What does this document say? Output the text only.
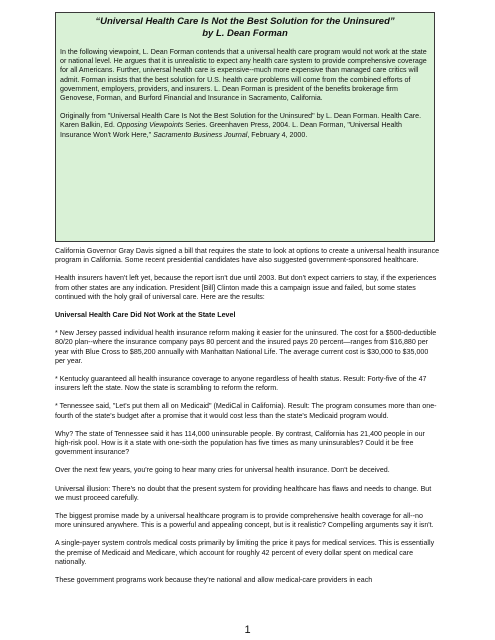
“Universal Health Care Is Not the Best Solution for the Uninsured”
by L. Dean Forman

In the following viewpoint, L. Dean Forman contends that a universal health care program would not work at the state or national level. He argues that it is unrealistic to expect any health care system to provide comprehensive coverage for all Americans. Further, universal health care is expensive--much more expensive than managed care critics will admit. Forman insists that the best solution for U.S. health care problems will come from the combined efforts of government, employers, providers, and insurers. L. Dean Forman is president of the benefits brokerage firm Genovese, Forman, and Burford Financial and Insurance in Sacramento, California.

Originally from "Universal Health Care Is Not the Best Solution for the Uninsured" by L. Dean Forman. Health Care. Karen Balkin, Ed. Opposing Viewpoints Series. Greenhaven Press, 2004. L. Dean Forman, "Universal Health Insurance Won't Work Here," Sacramento Business Journal, February 4, 2000.

California Governor Gray Davis signed a bill that requires the state to look at options to create a universal health insurance program in California. Some recent presidential candidates have also suggested government-sponsored healthcare.

Health insurers haven't left yet, because the report isn't due until 2003. But don't expect carriers to stay, if the experiences from other states are any indication. President [Bill] Clinton made this a campaign issue and failed, but some states continued with the holy grail of universal care. Here are the results:

Universal Health Care Did Not Work at the State Level

* New Jersey passed individual health insurance reform making it easier for the uninsured. The cost for a $500-deductible 80/20 plan--where the insurance company pays 80 percent and the insured pays 20 percent—ranges from $16,880 per year with Blue Cross to $85,200 annually with Manhattan National Life. The average current cost is $30,000 to $35,000 per year.

* Kentucky guaranteed all health insurance coverage to anyone regardless of health status. Result: Forty-five of the 47 insurers left the state. Now the state is scrambling to reform the reform.

* Tennessee said, "Let's put them all on Medicaid" (MediCal in California). Result: The program consumes more than one-fourth of the state's budget after a promise that it would cost less than the state's Medicaid program would.

Why? The state of Tennessee said it has 114,000 uninsurable people. By contrast, California has 21,400 people in our high-risk pool. How is it a state with one-sixth the population has five times as many uninsurables? Could it be free government insurance?

Over the next few years, you're going to hear many cries for universal health insurance. Don't be deceived.

Universal illusion: There's no doubt that the present system for providing healthcare has flaws and needs to change. But we must proceed carefully.

The biggest promise made by a universal healthcare program is to provide comprehensive health coverage for all--no more uninsured anywhere. This is a powerful and appealing concept, but is it realistic? Compelling arguments say it isn't.

A single-payer system controls medical costs primarily by limiting the price it pays for medical services. This is essentially the premise of Medicaid and Medicare, which account for roughly 42 percent of every dollar spent on medical care nationally.

These government programs work because they're national and allow medical-care providers in each

1
